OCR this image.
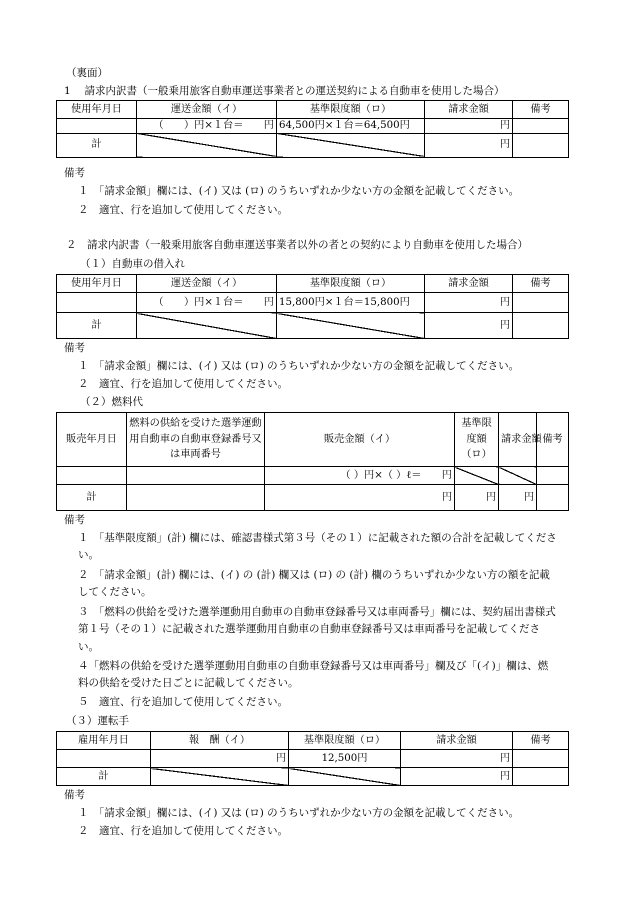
（裏面）
1　 請求内訳書（一般乗用旅客自動車運送事業者との運送契約による自動車を使用した場合）
使用年月日	運送金額（イ）	基準限度額（ロ）	請求金額	備考
	（　　）円×１台＝　　円	64,500円×１台＝64,500円	円	
計			円	
備考
１　「請求金額」欄には、(イ) 又は (ロ) のうちいずれか少ない方の金額を記載してください。
２　適宜、行を追加して使用してください。
２　請求内訳書（一般乗用旅客自動車運送事業者以外の者との契約により自動車を使用した場合）
（１）自動車の借入れ
使用年月日	運送金額（イ）	基準限度額（ロ）	請求金額	備考
	（　　）円×１台＝　　円	15,800円×１台＝15,800円	円	
計			円	
備考
１　「請求金額」欄には、(イ) 又は (ロ) のうちいずれか少ない方の金額を記載してください。
２　適宜、行を追加して使用してください。
（２）燃料代
販売年月日	燃料の供給を受けた選挙運動用自動車の自動車登録番号又は車両番号	販売金額（イ）	基準限度額（ロ）	請求金額	備考
		（ ）円×（ ）ℓ＝　　円			
計		円	円	円	
備考
１　「基準限度額」(計) 欄には、確認書様式第３号（その１）に記載された額の合計を記載してください。
２　「請求金額」(計) 欄には、(イ) の (計) 欄又は (ロ) の (計) 欄のうちいずれか少ない方の額を記載してください。
３　「燃料の供給を受けた選挙運動用自動車の自動車登録番号又は車両番号」欄には、契約届出書様式第１号（その１）に記載された選挙運動用自動車の自動車登録番号又は車両番号を記載してください。
４「燃料の供給を受けた選挙運動用自動車の自動車登録番号又は車両番号」欄及び「(イ)」欄は、燃料の供給を受けた日ごとに記載してください。
５　適宜、行を追加して使用してください。
（３）運転手
雇用年月日	報　酬（イ）	基準限度額（ロ）	請求金額	備考
	円	12,500円	円	
計			円	
備考
１　「請求金額」欄には、(イ) 又は (ロ) のうちいずれか少ない方の金額を記載してください。
２　適宜、行を追加して使用してください。
